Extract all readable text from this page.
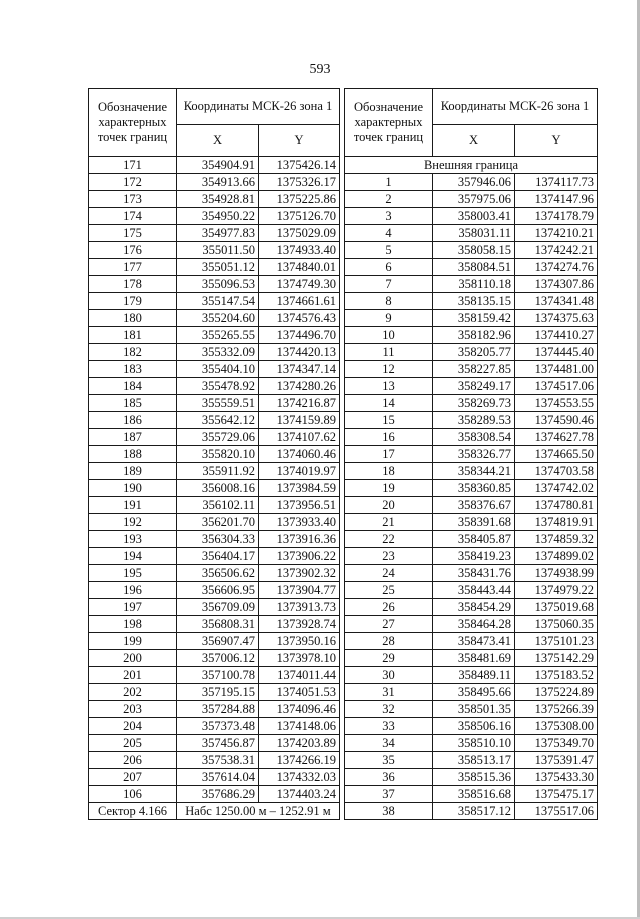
593
Обозначение характерных точек границ	Координаты МСК-26 зона 1	
	X	Y
171	354904.91	1375426.14
172	354913.66	1375326.17
173	354928.81	1375225.86
174	354950.22	1375126.70
175	354977.83	1375029.09
176	355011.50	1374933.40
177	355051.12	1374840.01
178	355096.53	1374749.30
179	355147.54	1374661.61
180	355204.60	1374576.43
181	355265.55	1374496.70
182	355332.09	1374420.13
183	355404.10	1374347.14
184	355478.92	1374280.26
185	355559.51	1374216.87
186	355642.12	1374159.89
187	355729.06	1374107.62
188	355820.10	1374060.46
189	355911.92	1374019.97
190	356008.16	1373984.59
191	356102.11	1373956.51
192	356201.70	1373933.40
193	356304.33	1373916.36
194	356404.17	1373906.22
195	356506.62	1373902.32
196	356606.95	1373904.77
197	356709.09	1373913.73
198	356808.31	1373928.74
199	356907.47	1373950.16
200	357006.12	1373978.10
201	357100.78	1374011.44
202	357195.15	1374051.53
203	357284.88	1374096.46
204	357373.48	1374148.06
205	357456.87	1374203.89
206	357538.31	1374266.19
207	357614.04	1374332.03
106	357686.29	1374403.24
Сектор 4.166	Набс 1250.00 м – 1252.91 м	
Обозначение характерных точек границ	Координаты МСК-26 зона 1	
	X	Y
Внешняя граница		
1	357946.06	1374117.73
2	357975.06	1374147.96
3	358003.41	1374178.79
4	358031.11	1374210.21
5	358058.15	1374242.21
6	358084.51	1374274.76
7	358110.18	1374307.86
8	358135.15	1374341.48
9	358159.42	1374375.63
10	358182.96	1374410.27
11	358205.77	1374445.40
12	358227.85	1374481.00
13	358249.17	1374517.06
14	358269.73	1374553.55
15	358289.53	1374590.46
16	358308.54	1374627.78
17	358326.77	1374665.50
18	358344.21	1374703.58
19	358360.85	1374742.02
20	358376.67	1374780.81
21	358391.68	1374819.91
22	358405.87	1374859.32
23	358419.23	1374899.02
24	358431.76	1374938.99
25	358443.44	1374979.22
26	358454.29	1375019.68
27	358464.28	1375060.35
28	358473.41	1375101.23
29	358481.69	1375142.29
30	358489.11	1375183.52
31	358495.66	1375224.89
32	358501.35	1375266.39
33	358506.16	1375308.00
34	358510.10	1375349.70
35	358513.17	1375391.47
36	358515.36	1375433.30
37	358516.68	1375475.17
38	358517.12	1375517.06
